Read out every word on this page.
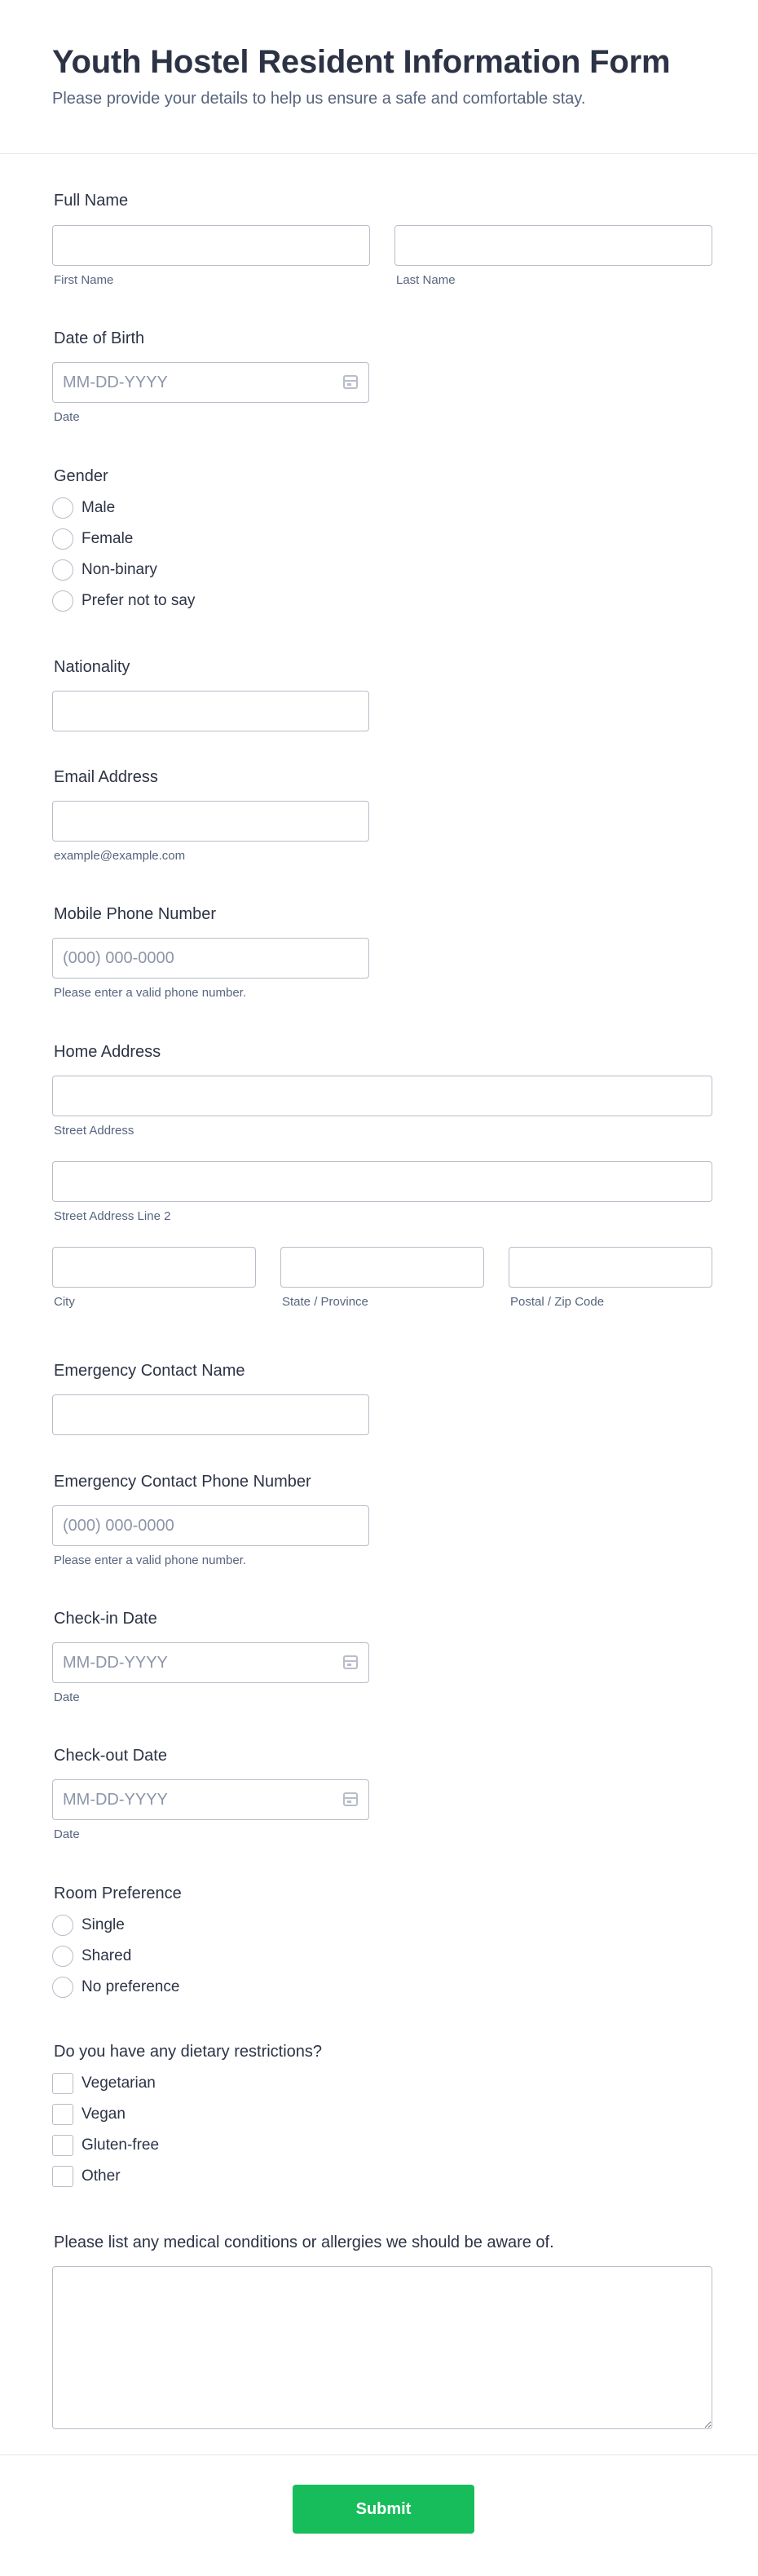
Youth Hostel Resident Information Form

Please provide your details to help us ensure a safe and comfortable stay.

Full Name
First Name	Last Name
Date of Birth
MM-DD-YYYY
Date
Gender
Male
Female
Non-binary
Prefer not to say
Nationality
Email Address
example@example.com
Mobile Phone Number
(000) 000-0000
Please enter a valid phone number.
Home Address
Street Address
Street Address Line 2
City	State / Province	Postal / Zip Code
Emergency Contact Name
Emergency Contact Phone Number
(000) 000-0000
Please enter a valid phone number.
Check-in Date
MM-DD-YYYY
Date
Check-out Date
MM-DD-YYYY
Date
Room Preference
Single
Shared
No preference
Do you have any dietary restrictions?
Vegetarian
Vegan
Gluten-free
Other
Please list any medical conditions or allergies we should be aware of.
Submit
